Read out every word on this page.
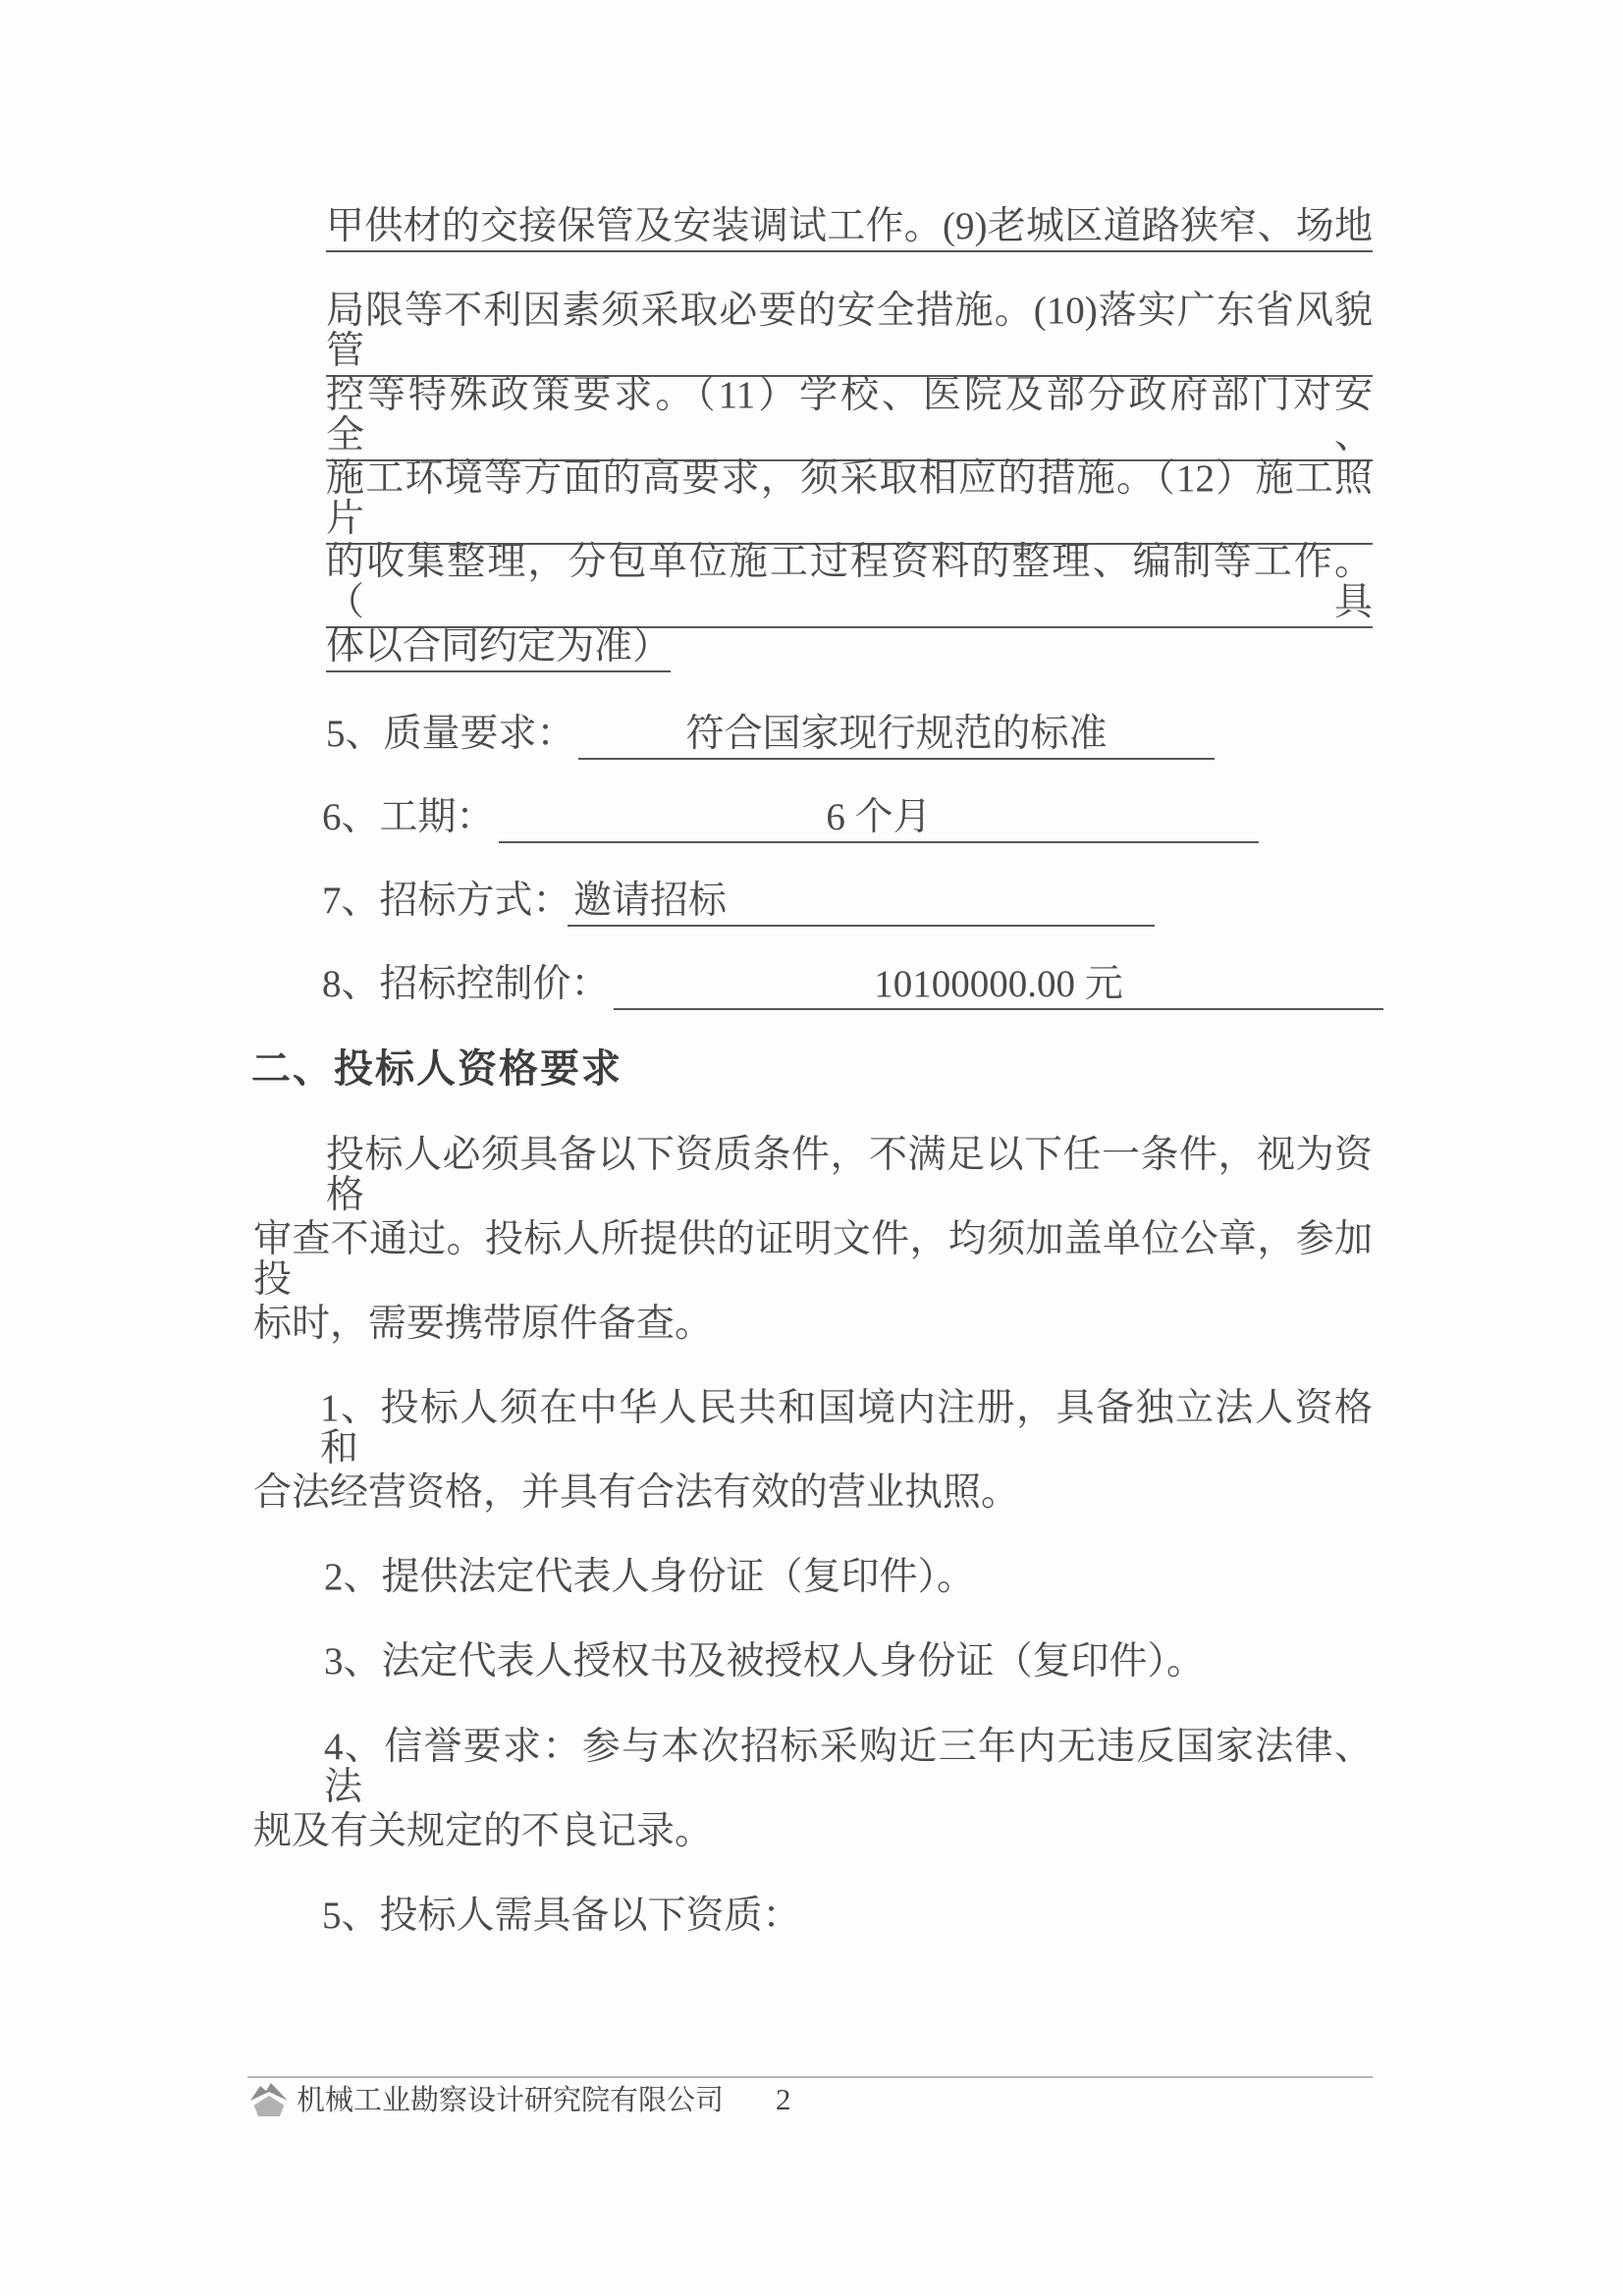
甲供材的交接保管及安装调试工作。(9)老城区道路狭窄、场地
局限等不利因素须采取必要的安全措施。(10)落实广东省风貌管
控等特殊政策要求。（11）学校、医院及部分政府部门对安全、
施工环境等方面的高要求，须采取相应的措施。（12）施工照片
的收集整理，分包单位施工过程资料的整理、编制等工作。（具
体以合同约定为准）
5、质量要求：	符合国家现行规范的标准
6、工期：	6 个月
7、招标方式： 邀请招标
8、招标控制价：	10100000.00 元
二、投标人资格要求
投标人必须具备以下资质条件，不满足以下任一条件，视为资格
审查不通过。投标人所提供的证明文件，均须加盖单位公章，参加投
标时，需要携带原件备查。
1、投标人须在中华人民共和国境内注册，具备独立法人资格和
合法经营资格，并具有合法有效的营业执照。
2、提供法定代表人身份证（复印件）。
3、法定代表人授权书及被授权人身份证（复印件）。
4、信誉要求：参与本次招标采购近三年内无违反国家法律、法
规及有关规定的不良记录。
5、投标人需具备以下资质：
机械工业勘察设计研究院有限公司 2
